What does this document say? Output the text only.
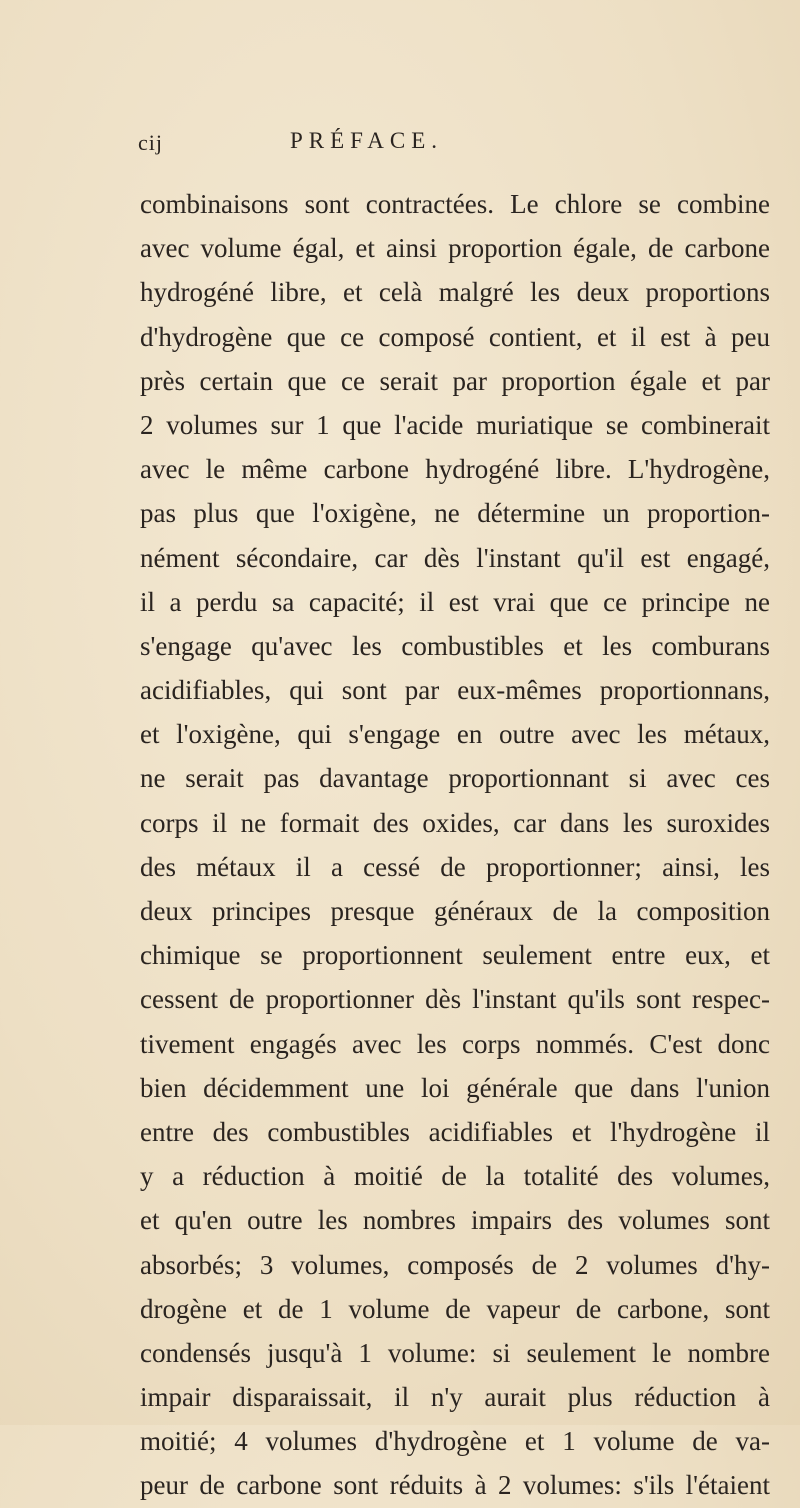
cij	PRÉFACE.
combinaisons sont contractées. Le chlore se combine
avec volume égal, et ainsi proportion égale, de carbone
hydrogéné libre, et celà malgré les deux proportions
d'hydrogène que ce composé contient, et il est à peu
près certain que ce serait par proportion égale et par
2 volumes sur 1 que l'acide muriatique se combinerait
avec le même carbone hydrogéné libre. L'hydrogène,
pas plus que l'oxigène, ne détermine un proportion-
nément sécondaire, car dès l'instant qu'il est engagé,
il a perdu sa capacité; il est vrai que ce principe ne
s'engage qu'avec les combustibles et les comburans
acidifiables, qui sont par eux-mêmes proportionnans,
et l'oxigène, qui s'engage en outre avec les métaux,
ne serait pas davantage proportionnant si avec ces
corps il ne formait des oxides, car dans les suroxides
des métaux il a cessé de proportionner; ainsi, les
deux principes presque généraux de la composition
chimique se proportionnent seulement entre eux, et
cessent de proportionner dès l'instant qu'ils sont respec-
tivement engagés avec les corps nommés. C'est donc
bien décidemment une loi générale que dans l'union
entre des combustibles acidifiables et l'hydrogène il
y a réduction à moitié de la totalité des volumes,
et qu'en outre les nombres impairs des volumes sont
absorbés; 3 volumes, composés de 2 volumes d'hy-
drogène et de 1 volume de vapeur de carbone, sont
condensés jusqu'à 1 volume: si seulement le nombre
impair disparaissait, il n'y aurait plus réduction à
moitié; 4 volumes d'hydrogène et 1 volume de va-
peur de carbone sont réduits à 2 volumes: s'ils l'étaient
